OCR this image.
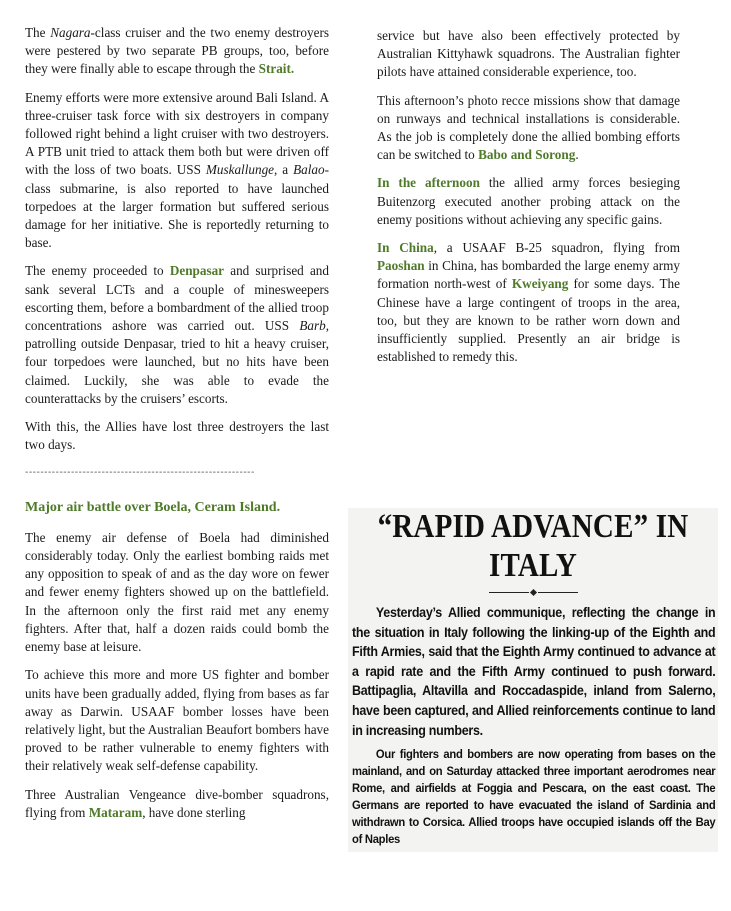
The Nagara-class cruiser and the two enemy destroyers were pestered by two separate PB groups, too, before they were finally able to escape through the Strait.

Enemy efforts were more extensive around Bali Island. A three-cruiser task force with six destroyers in company followed right behind a light cruiser with two destroyers. A PTB unit tried to attack them both but were driven off with the loss of two boats. USS Muskallunge, a Balao-class submarine, is also reported to have launched torpedoes at the larger formation but suffered serious damage for her initiative. She is reportedly returning to base.

The enemy proceeded to Denpasar and surprised and sank several LCTs and a couple of minesweepers escorting them, before a bombardment of the allied troop concentrations ashore was carried out. USS Barb, patrolling outside Denpasar, tried to hit a heavy cruiser, four torpedoes were launched, but no hits have been claimed. Luckily, she was able to evade the counterattacks by the cruisers’ escorts.

With this, the Allies have lost three destroyers the last two days.

------------------------------------------------------------
Major air battle over Boela, Ceram Island.

The enemy air defense of Boela had diminished considerably today. Only the earliest bombing raids met any opposition to speak of and as the day wore on fewer and fewer enemy fighters showed up on the battlefield. In the afternoon only the first raid met any enemy fighters. After that, half a dozen raids could bomb the enemy base at leisure.

To achieve this more and more US fighter and bomber units have been gradually added, flying from bases as far away as Darwin. USAAF bomber losses have been relatively light, but the Australian Beaufort bombers have proved to be rather vulnerable to enemy fighters with their relatively weak self-defense capability.

Three Australian Vengeance dive-bomber squadrons, flying from Mataram, have done sterling

service but have also been effectively protected by Australian Kittyhawk squadrons. The Australian fighter pilots have attained considerable experience, too.

This afternoon’s photo recce missions show that damage on runways and technical installations is considerable. As the job is completely done the allied bombing efforts can be switched to Babo and Sorong.

In the afternoon the allied army forces besieging Buitenzorg executed another probing attack on the enemy positions without achieving any specific gains.

In China, a USAAF B-25 squadron, flying from Paoshan in China, has bombarded the large enemy army formation north-west of Kweiyang for some days. The Chinese have a large contingent of troops in the area, too, but they are known to be rather worn down and insufficiently supplied. Presently an air bridge is established to remedy this.

“RAPID ADVANCE” IN ITALY
Yesterday’s Allied communique, reflecting the change in the situation in Italy following the linking-up of the Eighth and Fifth Armies, said that the Eighth Army continued to advance at a rapid rate and the Fifth Army continued to push forward. Battipaglia, Altavilla and Roccadaspide, inland from Salerno, have been captured, and Allied reinforcements continue to land in increasing numbers.
Our fighters and bombers are now operating from bases on the mainland, and on Saturday attacked three important aerodromes near Rome, and airfields at Foggia and Pescara, on the east coast. The Germans are reported to have evacuated the island of Sardinia and withdrawn to Corsica. Allied troops have occupied islands off the Bay of Naples
